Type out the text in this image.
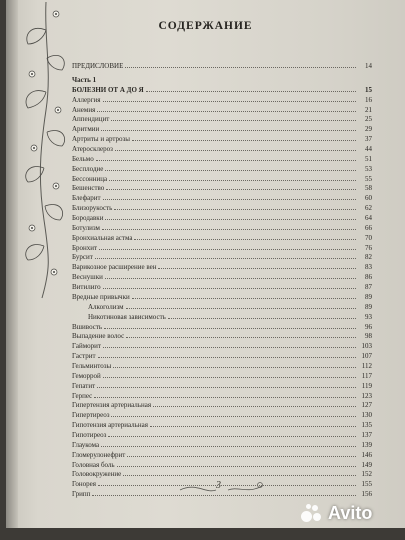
СОДЕРЖАНИЕ
3
ПРЕДИСЛОВИЕ	14
Часть 1
БОЛЕЗНИ ОТ А ДО Я	15
Аллергия	16
Анемия	21
Аппендицит	25
Аритмии	29
Артриты и артрозы	37
Атеросклероз	44
Бельмо	51
Бесплодие	53
Бессонница	55
Бешенство	58
Блефарит	60
Близорукость	62
Бородавки	64
Ботулизм	66
Бронхиальная астма	70
Бронхит	76
Бурсит	82
Варикозное расширение вен	83
Веснушки	86
Витилиго	87
Вредные привычки	89
Алкоголизм	89
Никотиновая зависимость	93
Вшивость	96
Выпадение волос	98
Гайморит	103
Гастрит	107
Гельминтозы	112
Геморрой	117
Гепатит	119
Герпес	123
Гипертензия артериальная	127
Гипертиреоз	130
Гипотензия артериальная	135
Гипотиреоз	137
Глаукома	139
Гломерулонефрит	146
Головная боль	149
Головокружение	152
Гонорея	155
Грипп	156
Avito
